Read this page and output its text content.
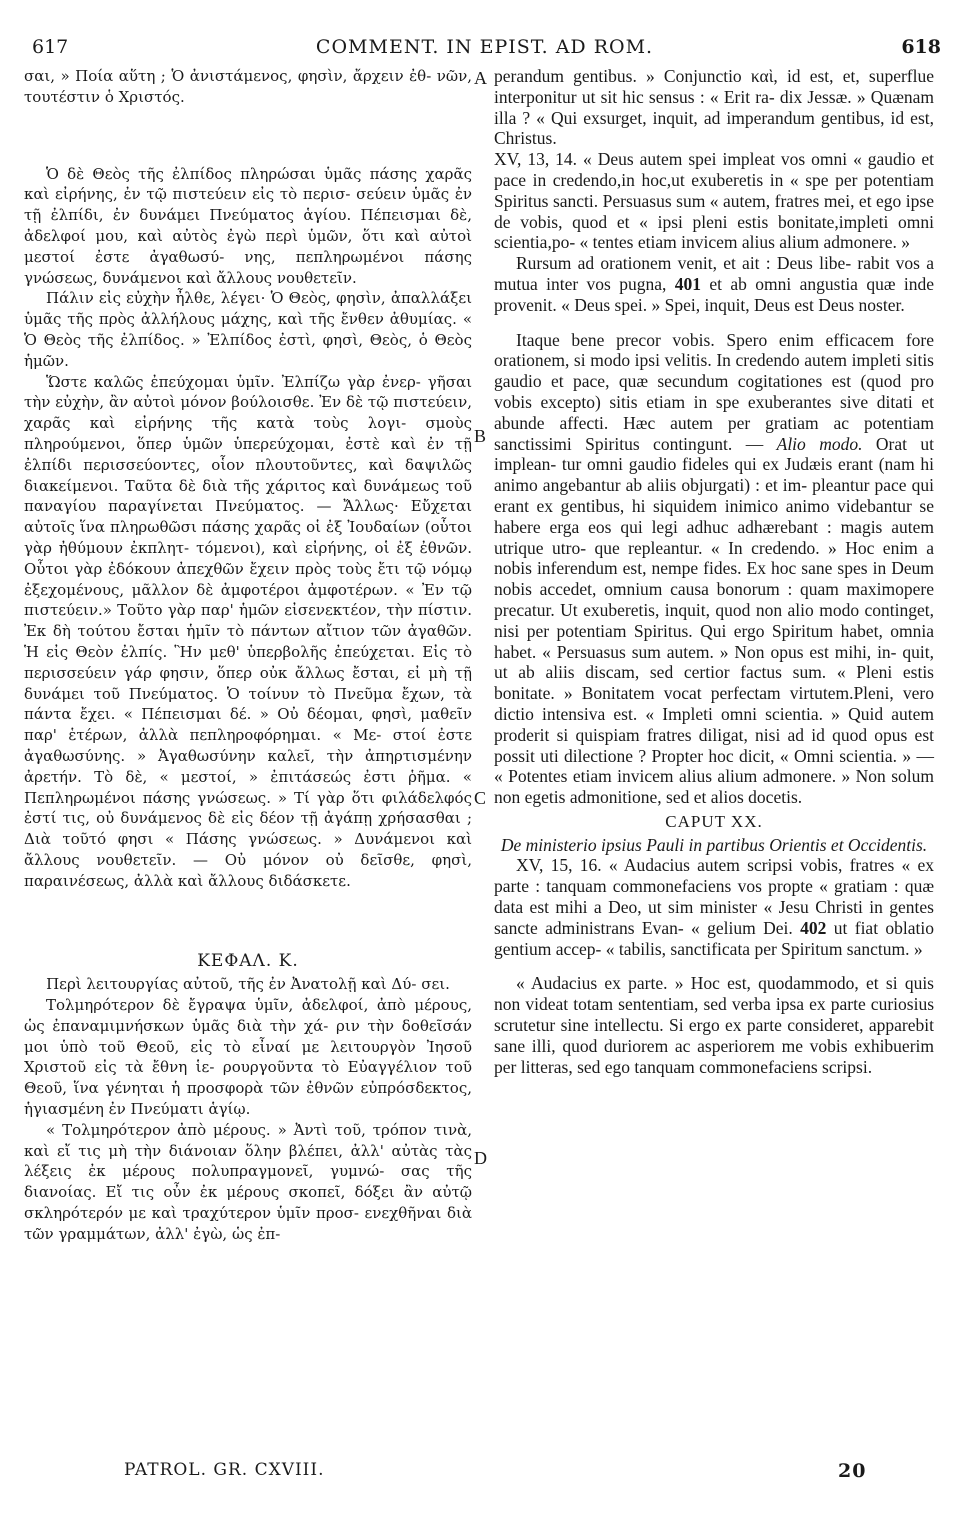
617	COMMENT. IN EPIST. AD ROM.	618

σαι, » Ποία αὕτη ; Ὁ ἀνιστάμενος, φησὶν, ἄρχειν ἐθ- νῶν, τουτέστιν ὁ Χριστός.

Ὁ δὲ Θεὸς τῆς ἐλπίδος πληρώσαι ὑμᾶς πάσης χαρᾶς καὶ εἰρήνης, ἐν τῷ πιστεύειν εἰς τὸ περισ- σεύειν ὑμᾶς ἐν τῇ ἐλπίδι, ἐν δυνάμει Πνεύματος ἁγίου. Πέπεισμαι δὲ, ἀδελφοί μου, καὶ αὐτὸς ἐγὼ περὶ ὑμῶν, ὅτι καὶ αὐτοὶ μεστοί ἐστε ἀγαθωσύ- νης, πεπληρωμένοι πάσης γνώσεως, δυνάμενοι καὶ ἄλλους νουθετεῖν.

Πάλιν εἰς εὐχὴν ἦλθε, λέγει· Ὁ Θεὸς, φησὶν, ἀπαλλάξει ὑμᾶς τῆς πρὸς ἀλλήλους μάχης, καὶ τῆς ἔνθεν ἀθυμίας. « Ὁ Θεὸς τῆς ἐλπίδος. » Ἐλπίδος ἐστὶ, φησὶ, Θεὸς, ὁ Θεὸς ἡμῶν.

Ὥστε καλῶς ἐπεύχομαι ὑμῖν. Ἐλπίζω γὰρ ἐνερ- γῆσαι τὴν εὐχὴν, ἂν αὐτοὶ μόνον βούλοισθε. Ἐν δὲ τῷ πιστεύειν, χαρᾶς καὶ εἰρήνης τῆς κατὰ τοὺς λογι- σμοὺς πληρούμενοι, ὅπερ ὑμῶν ὑπερεύχομαι, ἐστὲ καὶ ἐν τῇ ἐλπίδι περισσεύοντες, οἷον πλουτοῦντες, καὶ δαψιλῶς διακείμενοι. Ταῦτα δὲ διὰ τῆς χάριτος καὶ δυνάμεως τοῦ παναγίου παραγίνεται Πνεύματος. — Ἄλλως· Εὔχεται αὐτοῖς ἵνα πληρωθῶσι πάσης χαρᾶς οἱ ἐξ Ἰουδαίων (οὗτοι γὰρ ἠθύμουν ἐκπλητ- τόμενοι), καὶ εἰρήνης, οἱ ἐξ ἐθνῶν. Οὗτοι γὰρ ἐδόκουν ἀπεχθῶν ἔχειν πρὸς τοὺς ἔτι τῷ νόμῳ ἐξεχομένους, μᾶλλον δὲ ἀμφοτέροι ἀμφοτέρων. « Ἐν τῷ πιστεύειν.» Τοῦτο γὰρ παρ' ἡμῶν εἰσενεκτέον, τὴν πίστιν. Ἐκ δὴ τούτου ἔσται ἡμῖν τὸ πάντων αἴτιον τῶν ἀγαθῶν. Ἡ εἰς Θεὸν ἐλπίς. Ἣν μεθ' ὑπερβολῆς ἐπεύχεται. Εἰς τὸ περισσεύειν γάρ φησιν, ὅπερ οὐκ ἄλλως ἔσται, εἰ μὴ τῇ δυνάμει τοῦ Πνεύματος. Ὁ τοίνυν τὸ Πνεῦμα ἔχων, τὰ πάντα ἔχει. « Πέπεισμαι δέ. » Οὐ δέομαι, φησὶ, μαθεῖν παρ' ἑτέρων, ἀλλὰ πεπληροφόρημαι. « Με- στοί ἐστε ἀγαθωσύνης. » Ἀγαθωσύνην καλεῖ, τὴν ἀπηρτισμένην ἀρετήν. Τὸ δὲ, « μεστοί, » ἐπιτάσεώς ἐστι ῥῆμα. « Πεπληρωμένοι πάσης γνώσεως. » Τί γὰρ ὅτι φιλάδελφός ἐστί τις, οὐ δυνάμενος δὲ εἰς δέον τῇ ἀγάπῃ χρήσασθαι ; Διὰ τοῦτό φησι « Πάσης γνώσεως. » Δυνάμενοι καὶ ἄλλους νουθετεῖν. — Οὐ μόνον οὐ δεῖσθε, φησὶ, παραινέσεως, ἀλλὰ καὶ ἄλλους διδάσκετε.

ΚΕΦΑΛ. Κ.
Περὶ λειτουργίας αὐτοῦ, τῆς ἐν Ἀνατολῇ καὶ Δύ- σει.

Τολμηρότερον δὲ ἔγραψα ὑμῖν, ἀδελφοί, ἀπὸ μέρους, ὡς ἐπαναμιμνήσκων ὑμᾶς διὰ τὴν χά- ριν τὴν δοθεῖσάν μοι ὑπὸ τοῦ Θεοῦ, εἰς τὸ εἶναί με λειτουργὸν Ἰησοῦ Χριστοῦ εἰς τὰ ἔθνη ἱε- ρουργοῦντα τὸ Εὐαγγέλιον τοῦ Θεοῦ, ἵνα γένηται ἡ προσφορὰ τῶν ἐθνῶν εὐπρόσδεκτος, ἡγιασμένη ἐν Πνεύματι ἁγίῳ.

« Τολμηρότερον ἀπὸ μέρους. » Ἀντὶ τοῦ, τρόπον τινὰ, καὶ εἴ τις μὴ τὴν διάνοιαν ὅλην βλέπει, ἀλλ' αὐτὰς τὰς λέξεις ἐκ μέρους πολυπραγμονεῖ, γυμνώ- σας τῆς διανοίας. Εἴ τις οὖν ἐκ μέρους σκοπεῖ, δόξει ἂν αὐτῷ σκληρότερόν με καὶ τραχύτερον ὑμῖν προσ- ενεχθῆναι διὰ τῶν γραμμάτων, ἀλλ' ἐγὼ, ὡς ἐπ-

A
B
C
D

perandum gentibus. » Conjunctio καὶ, id est, et, superflue interponitur ut sit hic sensus : « Erit ra- dix Jessæ. » Quænam illa ? « Qui exsurget, inquit, ad imperandum gentibus, id est, Christus.

XV, 13, 14. « Deus autem spei impleat vos omni « gaudio et pace in credendo,in hoc,ut exuberetis in « spe per potentiam Spiritus sancti. Persuasus sum « autem, fratres mei, et ego ipse de vobis, quod et « ipsi pleni estis bonitate,impleti omni scientia,po- « tentes etiam invicem alius alium admonere. »

Rursum ad orationem venit, et ait : Deus libe- rabit vos a mutua inter vos pugna, 401 et ab omni angustia quæ inde provenit. « Deus spei. » Spei, inquit, Deus est Deus noster.

Itaque bene precor vobis. Spero enim efficacem fore orationem, si modo ipsi velitis. In credendo autem impleti sitis gaudio et pace, quæ secundum cogitationes est (quod pro vobis excepto) sitis etiam in spe exuberantes sive ditati et abunde affecti. Hæc autem per gratiam ac potentiam sanctissimi Spiritus contingunt. — Alio modo. Orat ut implean- tur omni gaudio fideles qui ex Judæis erant (nam hi animo angebantur ab aliis objurgati) : et im- pleantur pace qui erant ex gentibus, hi siquidem inimico animo videbantur se habere erga eos qui legi adhuc adhærebant : magis autem utrique utro- que repleantur. « In credendo. » Hoc enim a nobis inferendum est, nempe fides. Ex hoc sane spes in Deum nobis accedet, omnium causa bonorum : quam maximopere precatur. Ut exuberetis, inquit, quod non alio modo continget, nisi per potentiam Spiritus. Qui ergo Spiritum habet, omnia habet. « Persuasus sum autem. » Non opus est mihi, in- quit, ut ab aliis discam, sed certior factus sum. « Pleni estis bonitate. » Bonitatem vocat perfectam virtutem.Pleni, vero dictio intensiva est. « Impleti omni scientia. » Quid autem proderit si quispiam fratres diligat, nisi ad id quod opus est possit uti dilectione ? Propter hoc dicit, « Omni scientia. » — « Potentes etiam invicem alius alium admonere. » Non solum non egetis admonitione, sed et alios docetis.

CAPUT XX.
De ministerio ipsius Pauli in partibus Orientis et Occidentis.

XV, 15, 16. « Audacius autem scripsi vobis, fratres « ex parte : tanquam commonefaciens vos propte « gratiam : quæ data est mihi a Deo, ut sim minister « Jesu Christi in gentes sancte administrans Evan- « gelium Dei. 402 ut fiat oblatio gentium accep- « tabilis, sanctificata per Spiritum sanctum. »

« Audacius ex parte. » Hoc est, quodammodo, et si quis non videat totam sententiam, sed verba ipsa ex parte curiosius scrutetur sine intellectu. Si ergo ex parte consideret, apparebit sane illi, quod duriorem ac asperiorem me vobis exhibuerim per litteras, sed ego tanquam commonefaciens scripsi.

PATROL. GR. CXVIII.	20
